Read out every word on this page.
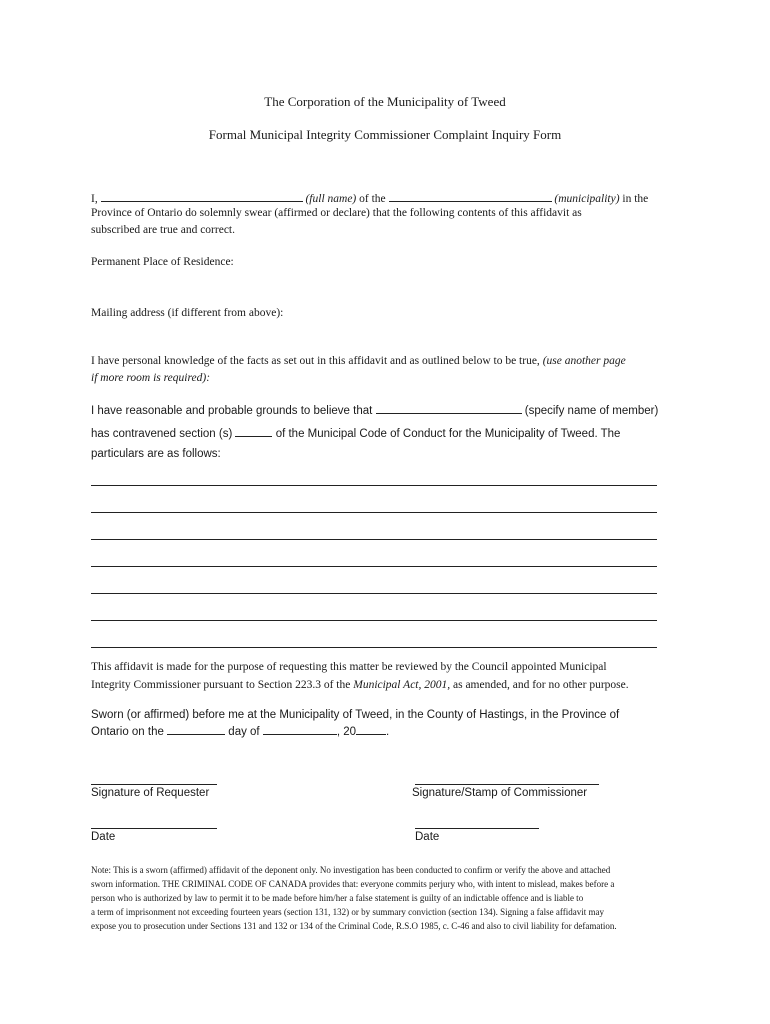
The Corporation of the Municipality of Tweed
Formal Municipal Integrity Commissioner Complaint Inquiry Form
I,	(full name) of the	(municipality) in the
Province of Ontario do solemnly swear (affirmed or declare) that the following contents of this affidavit as
subscribed are true and correct.
Permanent Place of Residence:
Mailing address (if different from above):
I have personal knowledge of the facts as set out in this affidavit and as outlined below to be true, (use another page
if more room is required):
I have reasonable and probable grounds to believe that	(specify name of member)
has contravened section (s)	of the Municipal Code of Conduct for the Municipality of Tweed. The
particulars are as follows:
This affidavit is made for the purpose of requesting this matter be reviewed by the Council appointed Municipal
Integrity Commissioner pursuant to Section 223.3 of the Municipal Act, 2001, as amended, and for no other purpose.
Sworn (or affirmed) before me at the Municipality of Tweed, in the County of Hastings, in the Province of
Ontario on the	day of	, 20	.
Signature of Requester	Signature/Stamp of Commissioner
Date	Date
Note: This is a sworn (affirmed) affidavit of the deponent only. No investigation has been conducted to confirm or verify the above and attached
sworn information. THE CRIMINAL CODE OF CANADA provides that: everyone commits perjury who, with intent to mislead, makes before a
person who is authorized by law to permit it to be made before him/her a false statement is guilty of an indictable offence and is liable to
a term of imprisonment not exceeding fourteen years (section 131, 132) or by summary conviction (section 134). Signing a false affidavit may
expose you to prosecution under Sections 131 and 132 or 134 of the Criminal Code, R.S.O 1985, c. C-46 and also to civil liability for defamation.
